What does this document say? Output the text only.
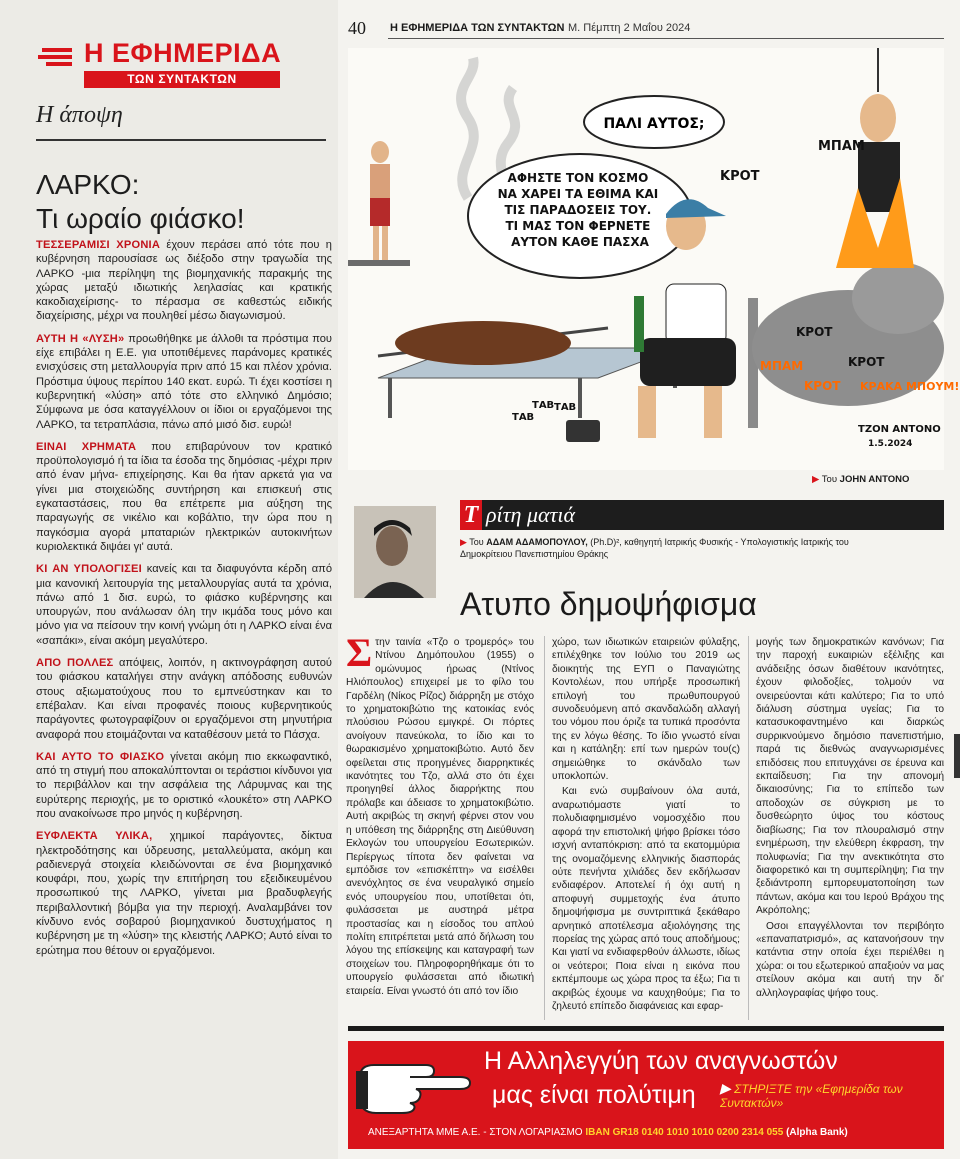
Η ΕΦΗΜΕΡΙΔΑ
ΤΩΝ ΣΥΝΤΑΚΤΩΝ
Η άποψη
ΛΑΡΚΟ:
Τι ωραίο φιάσκο!

ΤΕΣΣΕΡΑΜΙΣΙ ΧΡΟΝΙΑ έχουν περάσει από τότε που η κυβέρνηση παρουσίασε ως διέξοδο στην τραγωδία της ΛΑΡΚΟ -μια περίληψη της βιομηχανικής παρακμής της χώρας μεταξύ ιδιωτικής λεηλασίας και κρατικής κακοδιαχείρισης- το πέρασμα σε καθεστώς ειδικής διαχείρισης, μέχρι να πουληθεί μέσω διαγωνισμού.

ΑΥΤΗ Η «ΛΥΣΗ» προωθήθηκε με άλλοθι τα πρόστιμα που είχε επιβάλει η Ε.Ε. για υποτιθέμενες παράνομες κρατικές ενισχύσεις στη μεταλλουργία πριν από 15 και πλέον χρόνια. Πρόστιμα ύψους περίπου 140 εκατ. ευρώ. Τι έχει κοστίσει η κυβερνητική «λύση» από τότε στο ελληνικό Δημόσιο; Σύμφωνα με όσα καταγγέλλουν οι ίδιοι οι εργαζόμενοι της ΛΑΡΚΟ, τα τετραπλάσια, πάνω από μισό δισ. ευρώ!

ΕΙΝΑΙ ΧΡΗΜΑΤΑ που επιβαρύνουν τον κρατικό προϋπολογισμό ή τα ίδια τα έσοδα της δημόσιας -μέχρι πριν από έναν μήνα- επιχείρησης. Και θα ήταν αρκετά για να γίνει μια στοιχειώδης συντήρηση και επισκευή στις εγκαταστάσεις, που θα επέτρεπε μια αύξηση της παραγωγής σε νικέλιο και κοβάλτιο, την ώρα που η παγκόσμια αγορά μπαταριών ηλεκτρικών αυτοκινήτων κυριολεκτικά διψάει γι' αυτά.

ΚΙ ΑΝ ΥΠΟΛΟΓΙΣΕΙ κανείς και τα διαφυγόντα κέρδη από μια κανονική λειτουργία της μεταλλουργίας αυτά τα χρόνια, πάνω από 1 δισ. ευρώ, το φιάσκο κυβέρνησης και υπουργών, που ανάλωσαν όλη την ικμάδα τους μόνο και μόνο για να πείσουν την κοινή γνώμη ότι η ΛΑΡΚΟ είναι ένα «σαπάκι», είναι ακόμη μεγαλύτερο.

ΑΠΟ ΠΟΛΛΕΣ απόψεις, λοιπόν, η ακτινογράφηση αυτού του φιάσκου καταλήγει στην ανάγκη απόδοσης ευθυνών στους αξιωματούχους που το εμπνεύστηκαν και το επέβαλαν. Και είναι προφανές ποιους κυβερνητικούς παράγοντες φωτογραφίζουν οι εργαζόμενοι στη μηνυτήρια αναφορά που ετοιμάζονται να καταθέσουν μετά το Πάσχα.

ΚΑΙ ΑΥΤΟ ΤΟ ΦΙΑΣΚΟ γίνεται ακόμη πιο εκκωφαντικό, από τη στιγμή που αποκαλύπτονται οι τεράστιοι κίνδυνοι για το περιβάλλον και την ασφάλεια της Λάρυμνας και της ευρύτερης περιοχής, με το οριστικό «λουκέτο» στη ΛΑΡΚΟ που ανακοίνωσε προ μηνός η κυβέρνηση.

ΕΥΦΛΕΚΤΑ ΥΛΙΚΑ, χημικοί παράγοντες, δίκτυα ηλεκτροδότησης και ύδρευσης, μεταλλεύματα, ακόμη και ραδιενεργά στοιχεία κλειδώνονται σε ένα βιομηχανικό κουφάρι, που, χωρίς την επιτήρηση του εξειδικευμένου προσωπικού της ΛΑΡΚΟ, γίνεται μια βραδυφλεγής περιβαλλοντική βόμβα για την περιοχή. Αναλαμβάνει τον κίνδυνο ενός σοβαρού βιομηχανικού δυστυχήματος η κυβέρνηση με τη «λύση» της κλειστής ΛΑΡΚΟ; Αυτό είναι το ερώτημα που θέτουν οι εργαζόμενοι.

40 Η ΕΦΗΜΕΡΙΔΑ ΤΩΝ ΣΥΝΤΑΚΤΩΝ Μ. Πέμπτη 2 Μαΐου 2024
ΠΑΛΙ ΑΥΤΟΣ;
ΑΦΗΣΤΕ ΤΟΝ ΚΟΣΜΟ ΝΑ ΧΑΡΕΙ ΤΑ ΕΘΙΜΑ ΚΑΙ ΤΙΣ ΠΑΡΑΔΟΣΕΙΣ ΤΟΥ. ΤΙ ΜΑΣ ΤΟΝ ΦΕΡΝΕΤΕ ΑΥΤΟΝ ΚΑΘΕ ΠΑΣΧΑ
ΚΡΟΤ
ΜΠΑΜ
ΚΡΟΤ
ΚΡΟΤ
ΜΠΑΜ
ΚΡΟΤ ΚΡΑΚΑ ΜΠΟΥΜ!
ΤΑΒ
ΤΑΒ ΤΑΒ
ΤΖΟΝ ΑΝΤΟΝΟ
1.5.2024
▶ Του JOHN ANTONO
Τ ρίτη ματιά
▶ Του ΑΔΑΜ ΑΔΑΜΟΠΟΥΛΟΥ, (Ph.D)², καθηγητή Ιατρικής Φυσικής - Υπολογιστικής Ιατρικής του Δημοκρίτειου Πανεπιστημίου Θράκης
Ατυπο δημοψήφισμα

Στην ταινία «Τζο ο τρομερός» του Ντίνου Δημόπουλου (1955) ο ομώνυμος ήρωας (Ντίνος Ηλιόπουλος) επιχειρεί με το φίλο του Γαρδέλη (Νίκος Ρίζος) διάρρηξη με στόχο το χρηματοκιβώτιο της κατοικίας ενός πλούσιου Ρώσου εμιγκρέ. Οι πόρτες ανοίγουν πανεύκολα, το ίδιο και το θωρακισμένο χρηματοκιβώτιο. Αυτό δεν οφείλεται στις προηγμένες διαρρηκτικές ικανότητες του Τζο, αλλά στο ότι έχει προηγηθεί άλλος διαρρήκτης που πρόλαβε και άδειασε το χρηματοκιβώτιο. Αυτή ακριβώς τη σκηνή φέρνει στον νου η υπόθεση της διάρρηξης στη Διεύθυνση Εκλογών του υπουργείου Εσωτερικών. Περίεργως τίποτα δεν φαίνεται να εμπόδισε τον «επισκέπτη» να εισέλθει ανενόχλητος σε ένα νευραλγικό σημείο ενός υπουργείου που, υποτίθεται ότι, φυλάσσεται με αυστηρά μέτρα προστασίας και η είσοδος του απλού πολίτη επιτρέπεται μετά από δήλωση του λόγου της επίσκεψης και καταγραφή των στοιχείων του. Πληροφορηθήκαμε ότι το υπουργείο φυλάσσεται από ιδιωτική εταιρεία. Είναι γνωστό ότι από τον ίδιο

χώρο, των ιδιωτικών εταιρειών φύλαξης, επιλέχθηκε τον Ιούλιο του 2019 ως διοικητής της ΕΥΠ ο Παναγιώτης Κοντολέων, που υπήρξε προσωπική επιλογή του πρωθυπουργού συνοδευόμενη από σκανδαλώδη αλλαγή του νόμου που όριζε τα τυπικά προσόντα της εν λόγω θέσης. Το ίδιο γνωστό είναι και η κατάληξη: επί των ημερών του(ς) σημειώθηκε το σκάνδαλο των υποκλοπών.

Και ενώ συμβαίνουν όλα αυτά, αναρωτιόμαστε γιατί το πολυδιαφημισμένο νομοσχέδιο που αφορά την επιστολική ψήφο βρίσκει τόσο ισχνή ανταπόκριση: από τα εκατομμύρια της ονομαζόμενης ελληνικής διασποράς ούτε πενήντα χιλιάδες δεν εκδήλωσαν ενδιαφέρον. Αποτελεί ή όχι αυτή η αποφυγή συμμετοχής ένα άτυπο δημοψήφισμα με συντριπτικά ξεκάθαρο αρνητικό αποτέλεσμα αξιολόγησης της πορείας της χώρας από τους αποδήμους; Και γιατί να ενδιαφερθούν άλλωστε, ιδίως οι νεότεροι; Ποια είναι η εικόνα που εκπέμπουμε ως χώρα προς τα έξω; Για τι ακριβώς έχουμε να καυχηθούμε; Για το ζηλευτό επίπεδο διαφάνειας και εφαρ-

μογής των δημοκρατικών κανόνων; Για την παροχή ευκαιριών εξέλιξης και ανάδειξης όσων διαθέτουν ικανότητες, έχουν φιλοδοξίες, τολμούν να ονειρεύονται κάτι καλύτερο; Για το υπό διάλυση σύστημα υγείας; Για το κατασυκοφαντημένο και διαρκώς συρρικνούμενο δημόσιο πανεπιστήμιο, παρά τις διεθνώς αναγνωρισμένες επιδόσεις που επιτυγχάνει σε έρευνα και εκπαίδευση; Για την απονομή δικαιοσύνης; Για το επίπεδο των αποδοχών σε σύγκριση με το δυσθεώρητο ύψος του κόστους διαβίωσης; Για τον πλουραλισμό στην ενημέρωση, την ελεύθερη έκφραση, την πολυφωνία; Για την ανεκτικότητα στο διαφορετικό και τη συμπερίληψη; Για την ξεδιάντροπη εμπορευματοποίηση των πάντων, ακόμα και του Ιερού Βράχου της Ακρόπολης;

Οσοι επαγγέλλονται τον περιβόητο «επαναπατρισμό», ας κατανοήσουν την κατάντια στην οποία έχει περιέλθει η χώρα: οι του εξωτερικού απαξιούν να μας στείλουν ακόμα και αυτή την δι' αλληλογραφίας ψήφο τους.

Η Αλληλεγγύη των αναγνωστών
μας είναι πολύτιμη ▶ ΣΤΗΡΙΞΤΕ την «Εφημερίδα των Συντακτών»
ΑΝΕΞΑΡΤΗΤΑ ΜΜΕ Α.Ε. - ΣΤΟΝ ΛΟΓΑΡΙΑΣΜΟ IBAN GR18 0140 1010 1010 0200 2314 055 (Alpha Bank)
